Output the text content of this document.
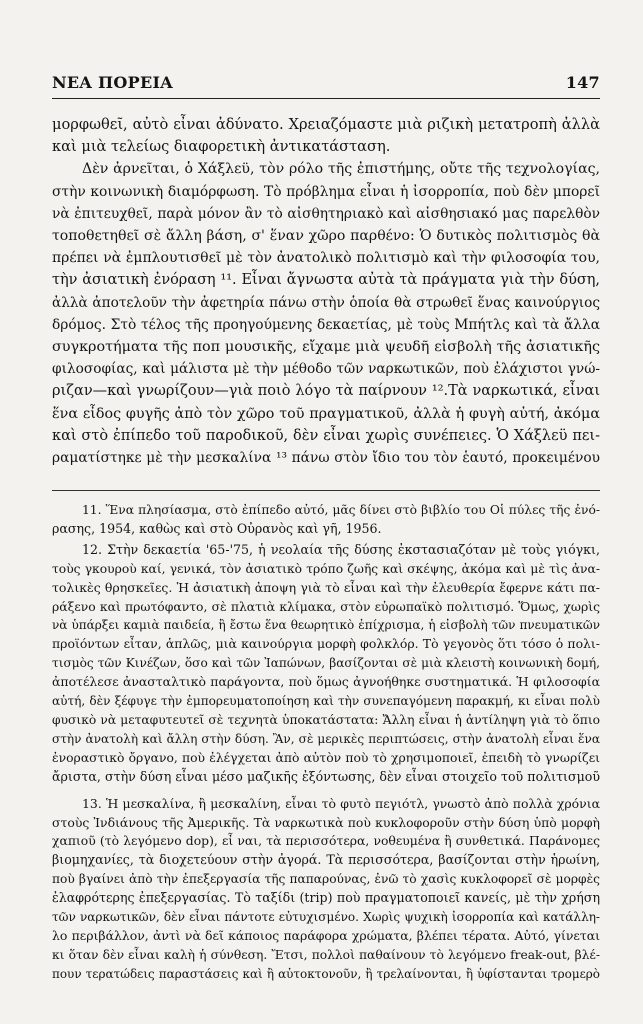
ΝΕΑ ΠΟΡΕΙΑ	147
μορφωθεῖ, αὐτὸ εἶναι ἀδύνατο. Χρειαζόμαστε μιὰ ριζικὴ μετατροπὴ ἀλλὰ
καὶ μιὰ τελείως διαφορετικὴ ἀντικατάσταση.
Δὲν ἀρνεῖται, ὁ Χάξλεϋ, τὸν ρόλο τῆς ἐπιστήμης, οὔτε τῆς τεχνολογίας,
στὴν κοινωνικὴ διαμόρφωση. Τὸ πρόβλημα εἶναι ἡ ἰσορροπία, ποὺ δὲν μπορεῖ
νὰ ἐπιτευχθεῖ, παρὰ μόνον ἂν τὸ αἰσθητηριακὸ καὶ αἰσθησιακό μας παρελθὸν
τοποθετηθεῖ σὲ ἄλλη βάση, σ' ἕναν χῶρο παρθένο: Ὁ δυτικὸς πολιτισμὸς θὰ
πρέπει νὰ ἐμπλουτισθεῖ μὲ τὸν ἀνατολικὸ πολιτισμὸ καὶ τὴν φιλοσοφία του,
τὴν ἀσιατικὴ ἐνόραση ¹¹. Εἶναι ἄγνωστα αὐτὰ τὰ πράγματα γιὰ τὴν δύση,
ἀλλὰ ἀποτελοῦν τὴν ἀφετηρία πάνω στὴν ὁποία θὰ στρωθεῖ ἕνας καινούργιος
δρόμος. Στὸ τέλος τῆς προηγούμενης δεκαετίας, μὲ τοὺς Μπήτλς καὶ τὰ ἄλλα
συγκροτήματα τῆς ποπ μουσικῆς, εἴχαμε μιὰ ψευδῆ εἰσβολὴ τῆς ἀσιατικῆς
φιλοσοφίας, καὶ μάλιστα μὲ τὴν μέθοδο τῶν ναρκωτικῶν, ποὺ ἐλάχιστοι γνώ-
ριζαν—καὶ γνωρίζουν—γιὰ ποιὸ λόγο τὰ παίρνουν ¹².Τὰ ναρκωτικά, εἶναι
ἕνα εἶδος φυγῆς ἀπὸ τὸν χῶρο τοῦ πραγματικοῦ, ἀλλὰ ἡ φυγὴ αὐτή, ἀκόμα
καὶ στὸ ἐπίπεδο τοῦ παροδικοῦ, δὲν εἶναι χωρὶς συνέπειες. Ὁ Χάξλεϋ πει-
ραματίστηκε μὲ τὴν μεσκαλίνα ¹³ πάνω στὸν ἴδιο του τὸν ἑαυτό, προκειμένου
11. Ἕνα πλησίασμα, στὸ ἐπίπεδο αὐτό, μᾶς δίνει στὸ βιβλίο του Οἱ πύλες τῆς ἐνό-
ρασης, 1954, καθὼς καὶ στὸ Οὐρανὸς καὶ γῆ, 1956.
12. Στὴν δεκαετία '65-'75, ἡ νεολαία τῆς δύσης ἐκστασιαζόταν μὲ τοὺς γιόγκι,
τοὺς γκουροὺ καί, γενικά, τὸν ἀσιατικὸ τρόπο ζωῆς καὶ σκέψης, ἀκόμα καὶ μὲ τὶς ἀνα-
τολικὲς θρησκεῖες. Ἡ ἀσιατικὴ ἀποψη γιὰ τὸ εἶναι καὶ τὴν ἐλευθερία ἔφερνε κάτι πα-
ράξενο καὶ πρωτόφαντο, σὲ πλατιὰ κλίμακα, στὸν εὐρωπαϊκὸ πολιτισμό. Ὅμως, χωρὶς
νὰ ὑπάρξει καμιὰ παιδεία, ἢ ἔστω ἕνα θεωρητικὸ ἐπίχρισμα, ἡ εἰσβολὴ τῶν πνευματικῶν
προϊόντων εἶταν, ἁπλῶς, μιὰ καινούργια μορφὴ φολκλόρ. Τὸ γεγονὸς ὅτι τόσο ὁ πολι-
τισμὸς τῶν Κινέζων, ὅσο καὶ τῶν Ἰαπώνων, βασίζονται σὲ μιὰ κλειστὴ κοινωνικὴ δομή,
ἀποτέλεσε ἀνασταλτικὸ παράγοντα, ποὺ ὅμως ἀγνοήθηκε συστηματικά. Ἡ φιλοσοφία
αὐτή, δὲν ξέφυγε τὴν ἐμπορευματοποίηση καὶ τὴν συνεπαγόμενη παρακμή, κι εἶναι πολὺ
φυσικὸ νὰ μεταφυτευτεῖ σὲ τεχνητὰ ὑποκατάστατα: Ἄλλη εἶναι ἡ ἀντίληψη γιὰ τὸ ὅπιο
στὴν ἀνατολὴ καὶ ἄλλη στὴν δύση. Ἂν, σὲ μερικὲς περιπτώσεις, στὴν ἀνατολὴ εἶναι ἕνα
ἐνοραστικὸ ὄργανο, ποὺ ἐλέγχεται ἀπὸ αὐτὸν ποὺ τὸ χρησιμοποιεῖ, ἐπειδὴ τὸ γνωρίζει
ἄριστα, στὴν δύση εἶναι μέσο μαζικῆς ἐξόντωσης, δὲν εἶναι στοιχεῖο τοῦ πολιτισμοῦ
13. Ἡ μεσκαλίνα, ἢ μεσκαλίνη, εἶναι τὸ φυτὸ πεγιότλ, γνωστὸ ἀπὸ πολλὰ χρόνια
στοὺς Ἰνδιάνους τῆς Ἀμερικῆς. Τὰ ναρκωτικὰ ποὺ κυκλοφοροῦν στὴν δύση ὑπὸ μορφὴ
χαπιοῦ (τὸ λεγόμενο dop), εἶ ναι, τὰ περισσότερα, νοθευμένα ἢ συνθετικά. Παράνομες
βιομηχανίες, τὰ διοχετεύουν στὴν ἀγορά. Τὰ περισσότερα, βασίζονται στὴν ἡρωίνη,
ποὺ βγαίνει ἀπὸ τὴν ἐπεξεργασία τῆς παπαρούνας, ἐνῶ τὸ χασὶς κυκλοφορεῖ σὲ μορφὲς
ἐλαφρότερης ἐπεξεργασίας. Τὸ ταξίδι (trip) ποὺ πραγματοποιεῖ κανείς, μὲ τὴν χρήση
τῶν ναρκωτικῶν, δὲν εἶναι πάντοτε εὐτυχισμένο. Χωρὶς ψυχικὴ ἰσορροπία καὶ κατάλλη-
λο περιβάλλον, ἀντὶ νὰ δεῖ κάποιος παράφορα χρώματα, βλέπει τέρατα. Αὐτό, γίνεται
κι ὅταν δὲν εἶναι καλὴ ἡ σύνθεση. Ἔτσι, πολλοὶ παθαίνουν τὸ λεγόμενο freak-out, βλέ-
πουν τερατώδεις παραστάσεις καὶ ἢ αὐτοκτονοῦν, ἢ τρελαίνονται, ἢ ὑφίστανται τρομερὸ
